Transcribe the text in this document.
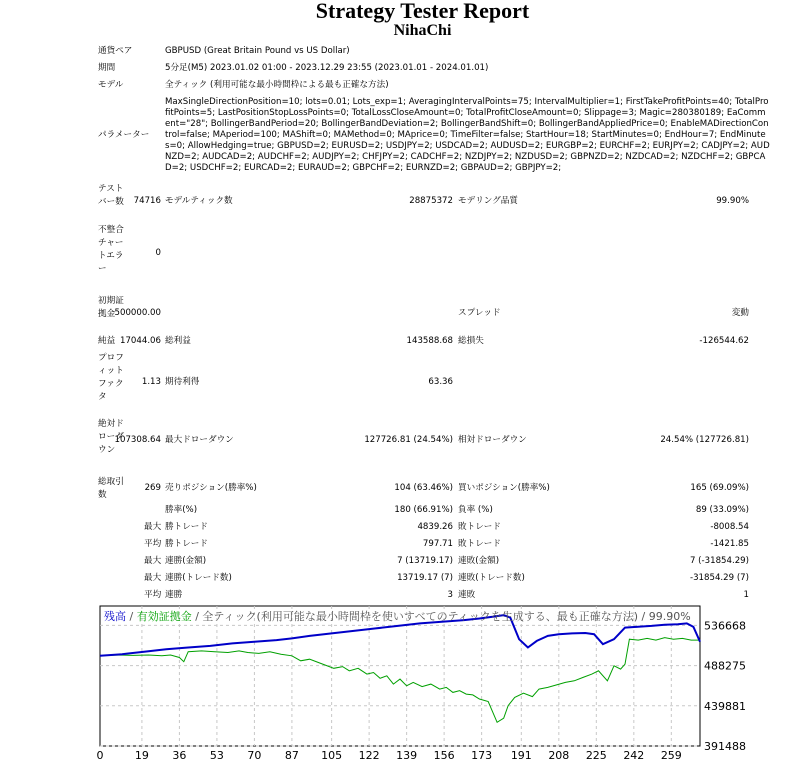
Strategy Tester Report
NihaChi
通貨ペア	GBPUSD (Great Britain Pound vs US Dollar)
期間	5分足(M5) 2023.01.02 01:00 - 2023.12.29 23:55 (2023.01.01 - 2024.01.01)
モデル	全ティック (利用可能な最小時間枠による最も正確な方法)
パラメーター
MaxSingleDirectionPosition=10; lots=0.01; Lots_exp=1; AveragingIntervalPoints=75; IntervalMultiplier=1; FirstTakeProfitPoints=40; TotalProfitPoints=5; LastPositionStopLossPoints=0; TotalLossCloseAmount=0; TotalProfitCloseAmount=0; Slippage=3; Magic=280380189; EaComment="28"; BollingerBandPeriod=20; BollingerBandDeviation=2; BollingerBandShift=0; BollingerBandAppliedPrice=0; EnableMADirectionControl=false; MAperiod=100; MAShift=0; MAMethod=0; MAprice=0; TimeFilter=false; StartHour=18; StartMinutes=0; EndHour=7; EndMinutes=0; AllowHedging=true; GBPUSD=2; EURUSD=2; USDJPY=2; USDCAD=2; AUDUSD=2; EURGBP=2; EURCHF=2; EURJPY=2; CADJPY=2; AUDNZD=2; AUDCAD=2; AUDCHF=2; AUDJPY=2; CHFJPY=2; CADCHF=2; NZDJPY=2; NZDUSD=2; GBPNZD=2; NZDCAD=2; NZDCHF=2; GBPCAD=2; USDCHF=2; EURCAD=2; EURAUD=2; GBPCHF=2; EURNZD=2; GBPAUD=2; GBPJPY=2;
テストバー数	74716 モデルティック数	28875372 モデリング品質	99.90%
不整合チャートエラー
0
初期証拠金 500000.00	スプレッド	変動
純益 17044.06 総利益	143588.68 総損失	-126544.62
プロフィットファクタ
1.13 期待利得	63.36
絶対ドローダウン
107308.64 最大ドローダウン	127726.81 (24.54%) 相対ドローダウン	24.54% (127726.81)
総取引数
269 売りポジション(勝率%)	104 (63.46%) 買いポジション(勝率%)	165 (69.09%)
勝率(%)	180 (66.91%) 負率 (%)	89 (33.09%)
最大 勝トレード	4839.26 敗トレード	-8008.54
平均 勝トレード	797.71 敗トレード	-1421.85
最大 連勝(金額)	7 (13719.17) 連敗(金額)	7 (-31854.29)
最大 連勝(トレード数)	13719.17 (7) 連敗(トレード数)	-31854.29 (7)
平均 連勝	3 連敗	1
0	19 36 53 70 87 105 122 139 156 173 191 208 225 242 259
391488
439881
488275
536668
残高 / 有効証拠金 / 全ティック(利用可能な最小時間枠を使いすべてのティックを生成する、最も正確な方法) / 99.90%
